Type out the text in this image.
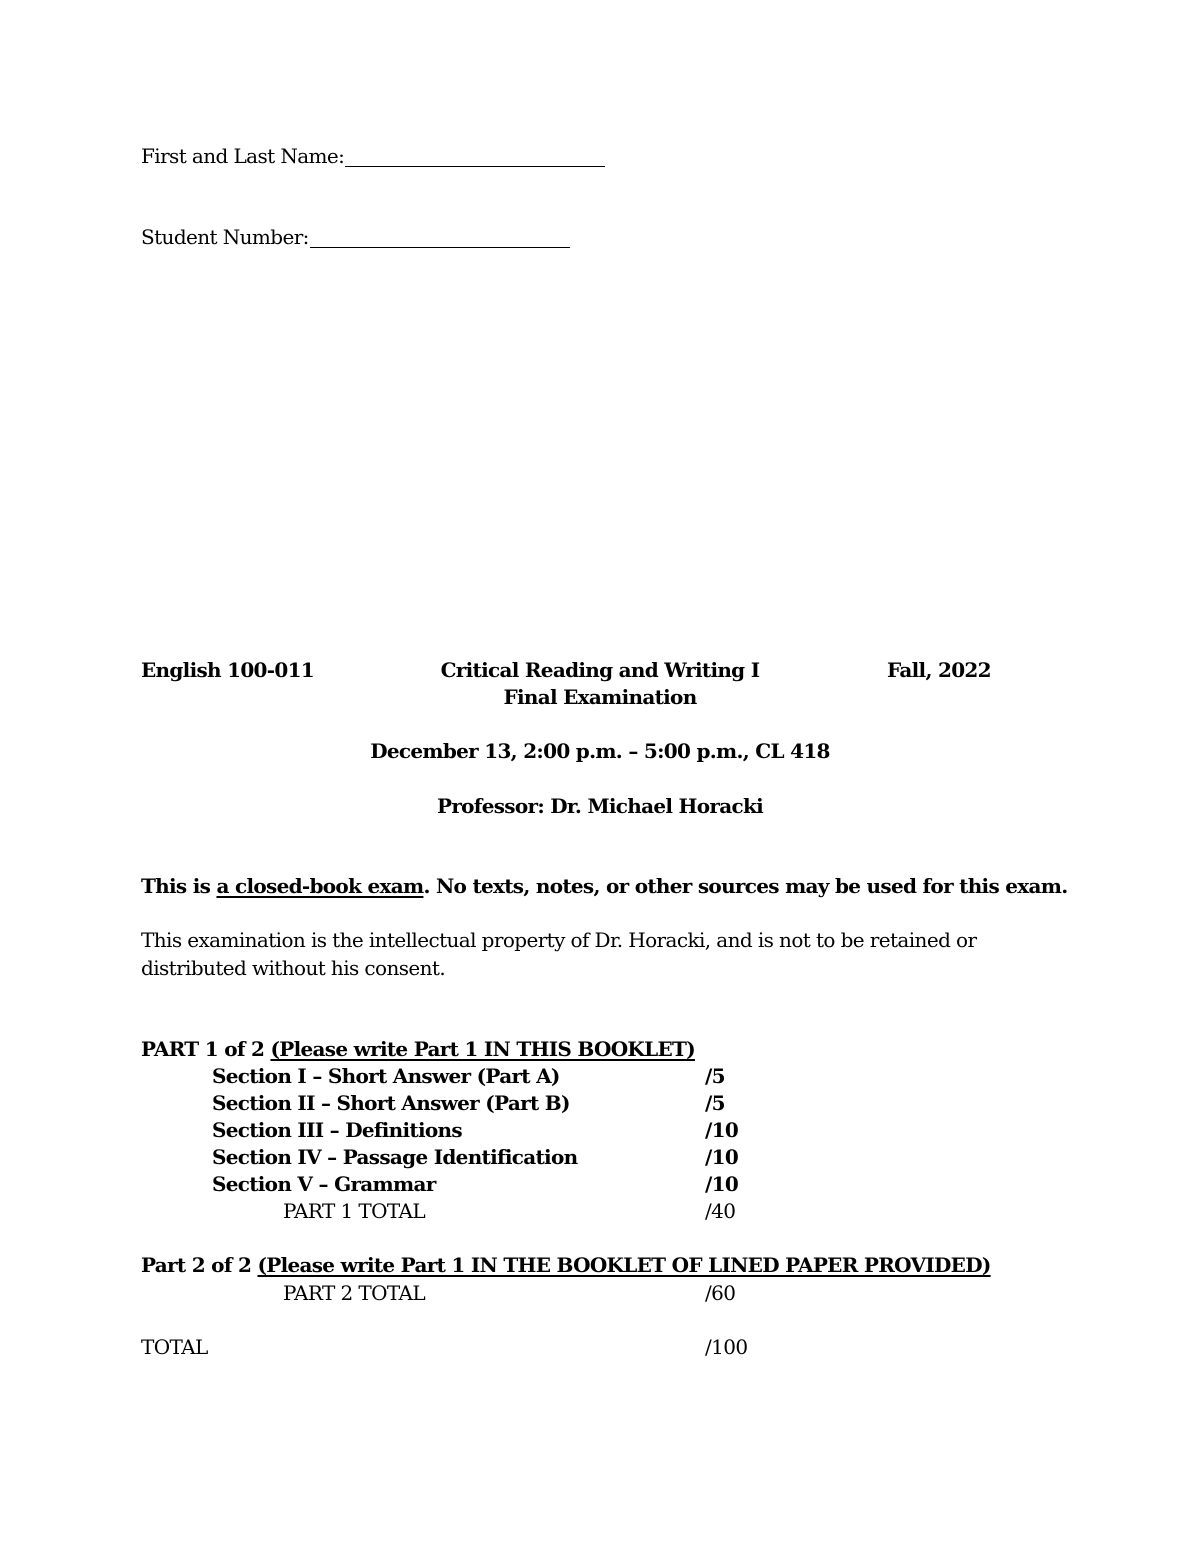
First and Last Name:
Student Number:
English 100-011	Critical Reading and Writing I	Fall, 2022
Final Examination
December 13, 2:00 p.m. – 5:00 p.m., CL 418
Professor: Dr. Michael Horacki
This is a closed-book exam. No texts, notes, or other sources may be used for this exam.
This examination is the intellectual property of Dr. Horacki, and is not to be retained or
distributed without his consent.
PART 1 of 2 (Please write Part 1 IN THIS BOOKLET)
Section I – Short Answer (Part A)	/5
Section II – Short Answer (Part B)	/5
Section III – Definitions	/10
Section IV – Passage Identification	/10
Section V – Grammar	/10
PART 1 TOTAL	/40
Part 2 of 2 (Please write Part 1 IN THE BOOKLET OF LINED PAPER PROVIDED)
PART 2 TOTAL	/60
TOTAL	/100
